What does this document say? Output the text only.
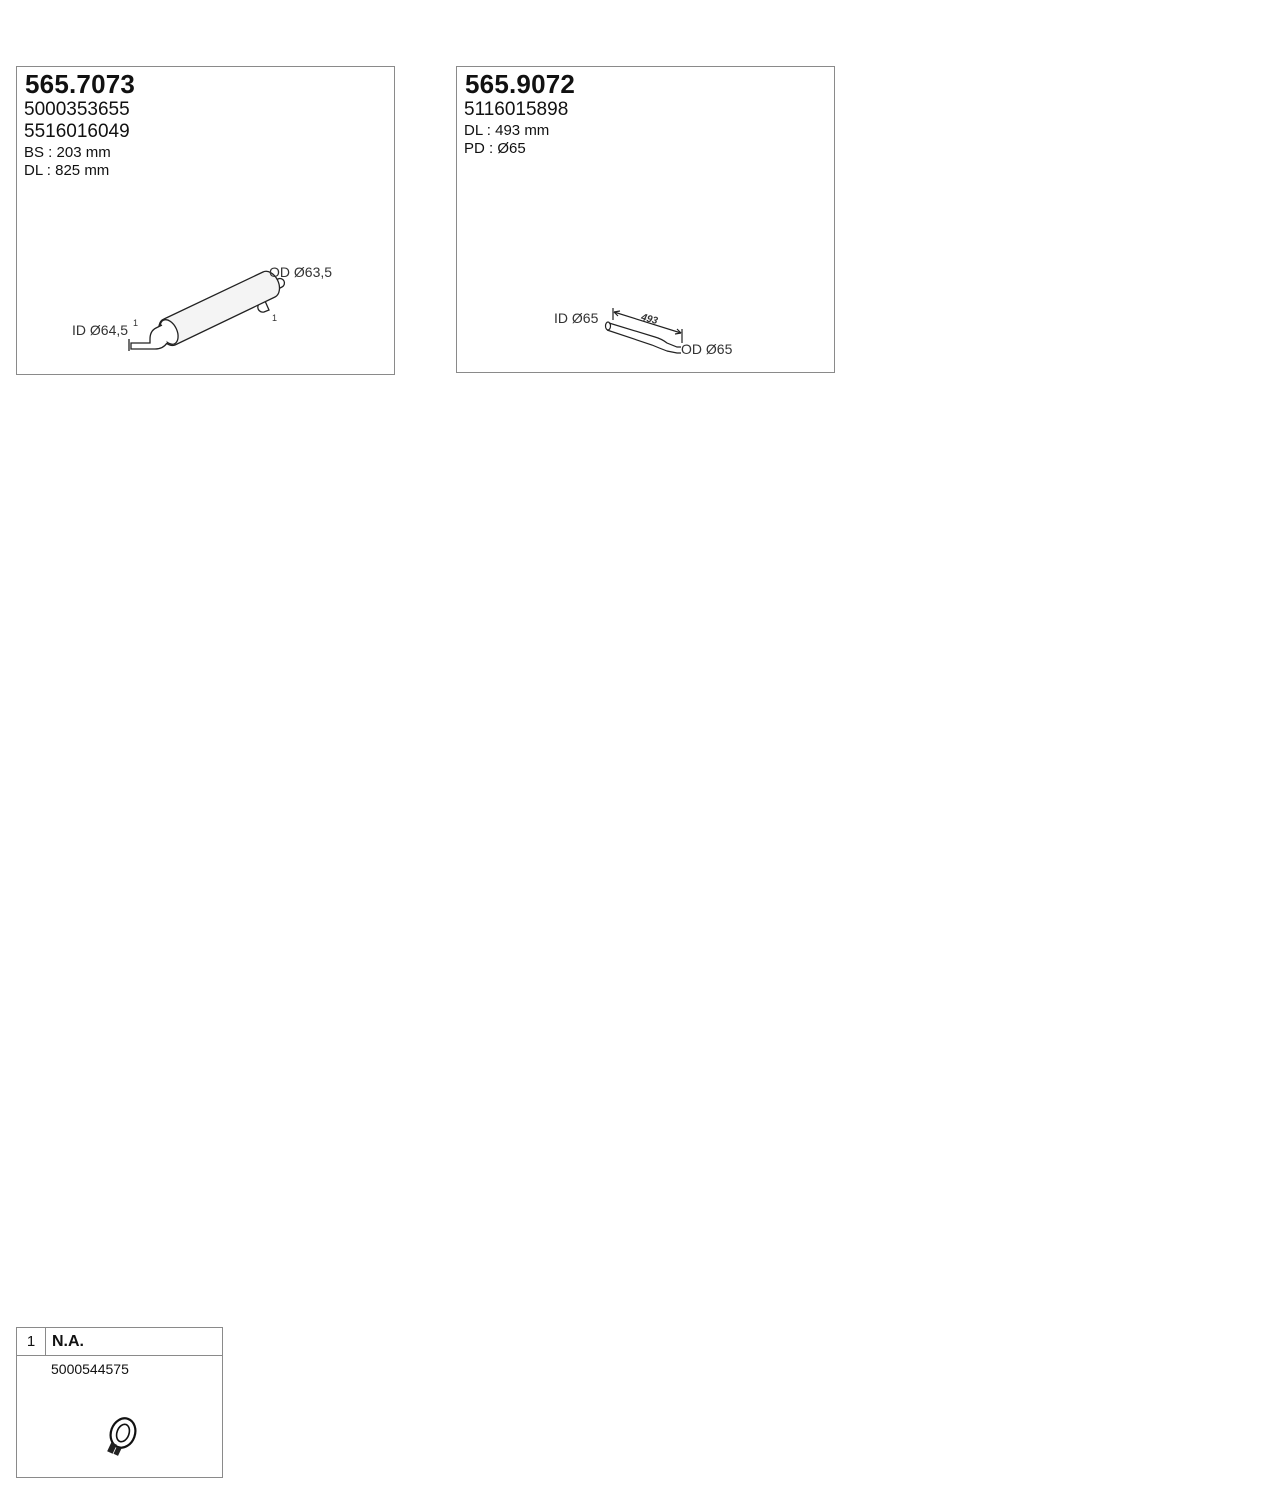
565.7073
5000353655
5516016049
BS : 203 mm
DL : 825 mm
OD Ø63,5
ID Ø64,5 1	1
565.9072
5116015898
DL : 493 mm
PD : Ø65
ID Ø65
OD Ø65
493
1	N.A.
5000544575
